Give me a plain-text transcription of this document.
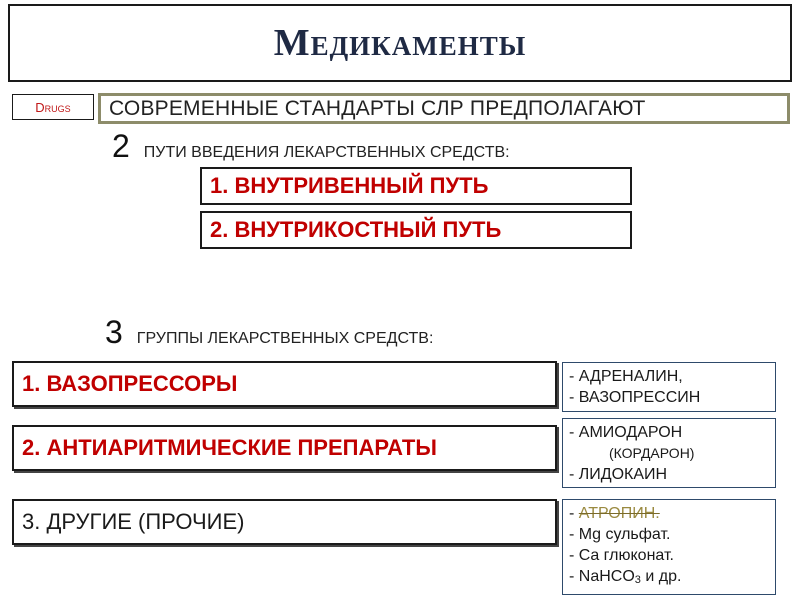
Медикаменты
Drugs	СОВРЕМЕННЫЕ СТАНДАРТЫ СЛР ПРЕДПОЛАГАЮТ
2 ПУТИ ВВЕДЕНИЯ ЛЕКАРСТВЕННЫХ СРЕДСТВ:
1. ВНУТРИВЕННЫЙ ПУТЬ
2. ВНУТРИКОСТНЫЙ ПУТЬ
3 ГРУППЫ ЛЕКАРСТВЕННЫХ СРЕДСТВ:
1. ВАЗОПРЕССОРЫ	- АДРЕНАЛИН,
- ВАЗОПРЕССИН
2. АНТИАРИТМИЧЕСКИЕ ПРЕПАРАТЫ
- АМИОДАРОН
(КОРДАРОН)
- ЛИДОКАИН
3. ДРУГИЕ (ПРОЧИЕ)	- АТРОПИН.
- Mg сульфат.
- Ca глюконат.
- NaHCO3 и др.
